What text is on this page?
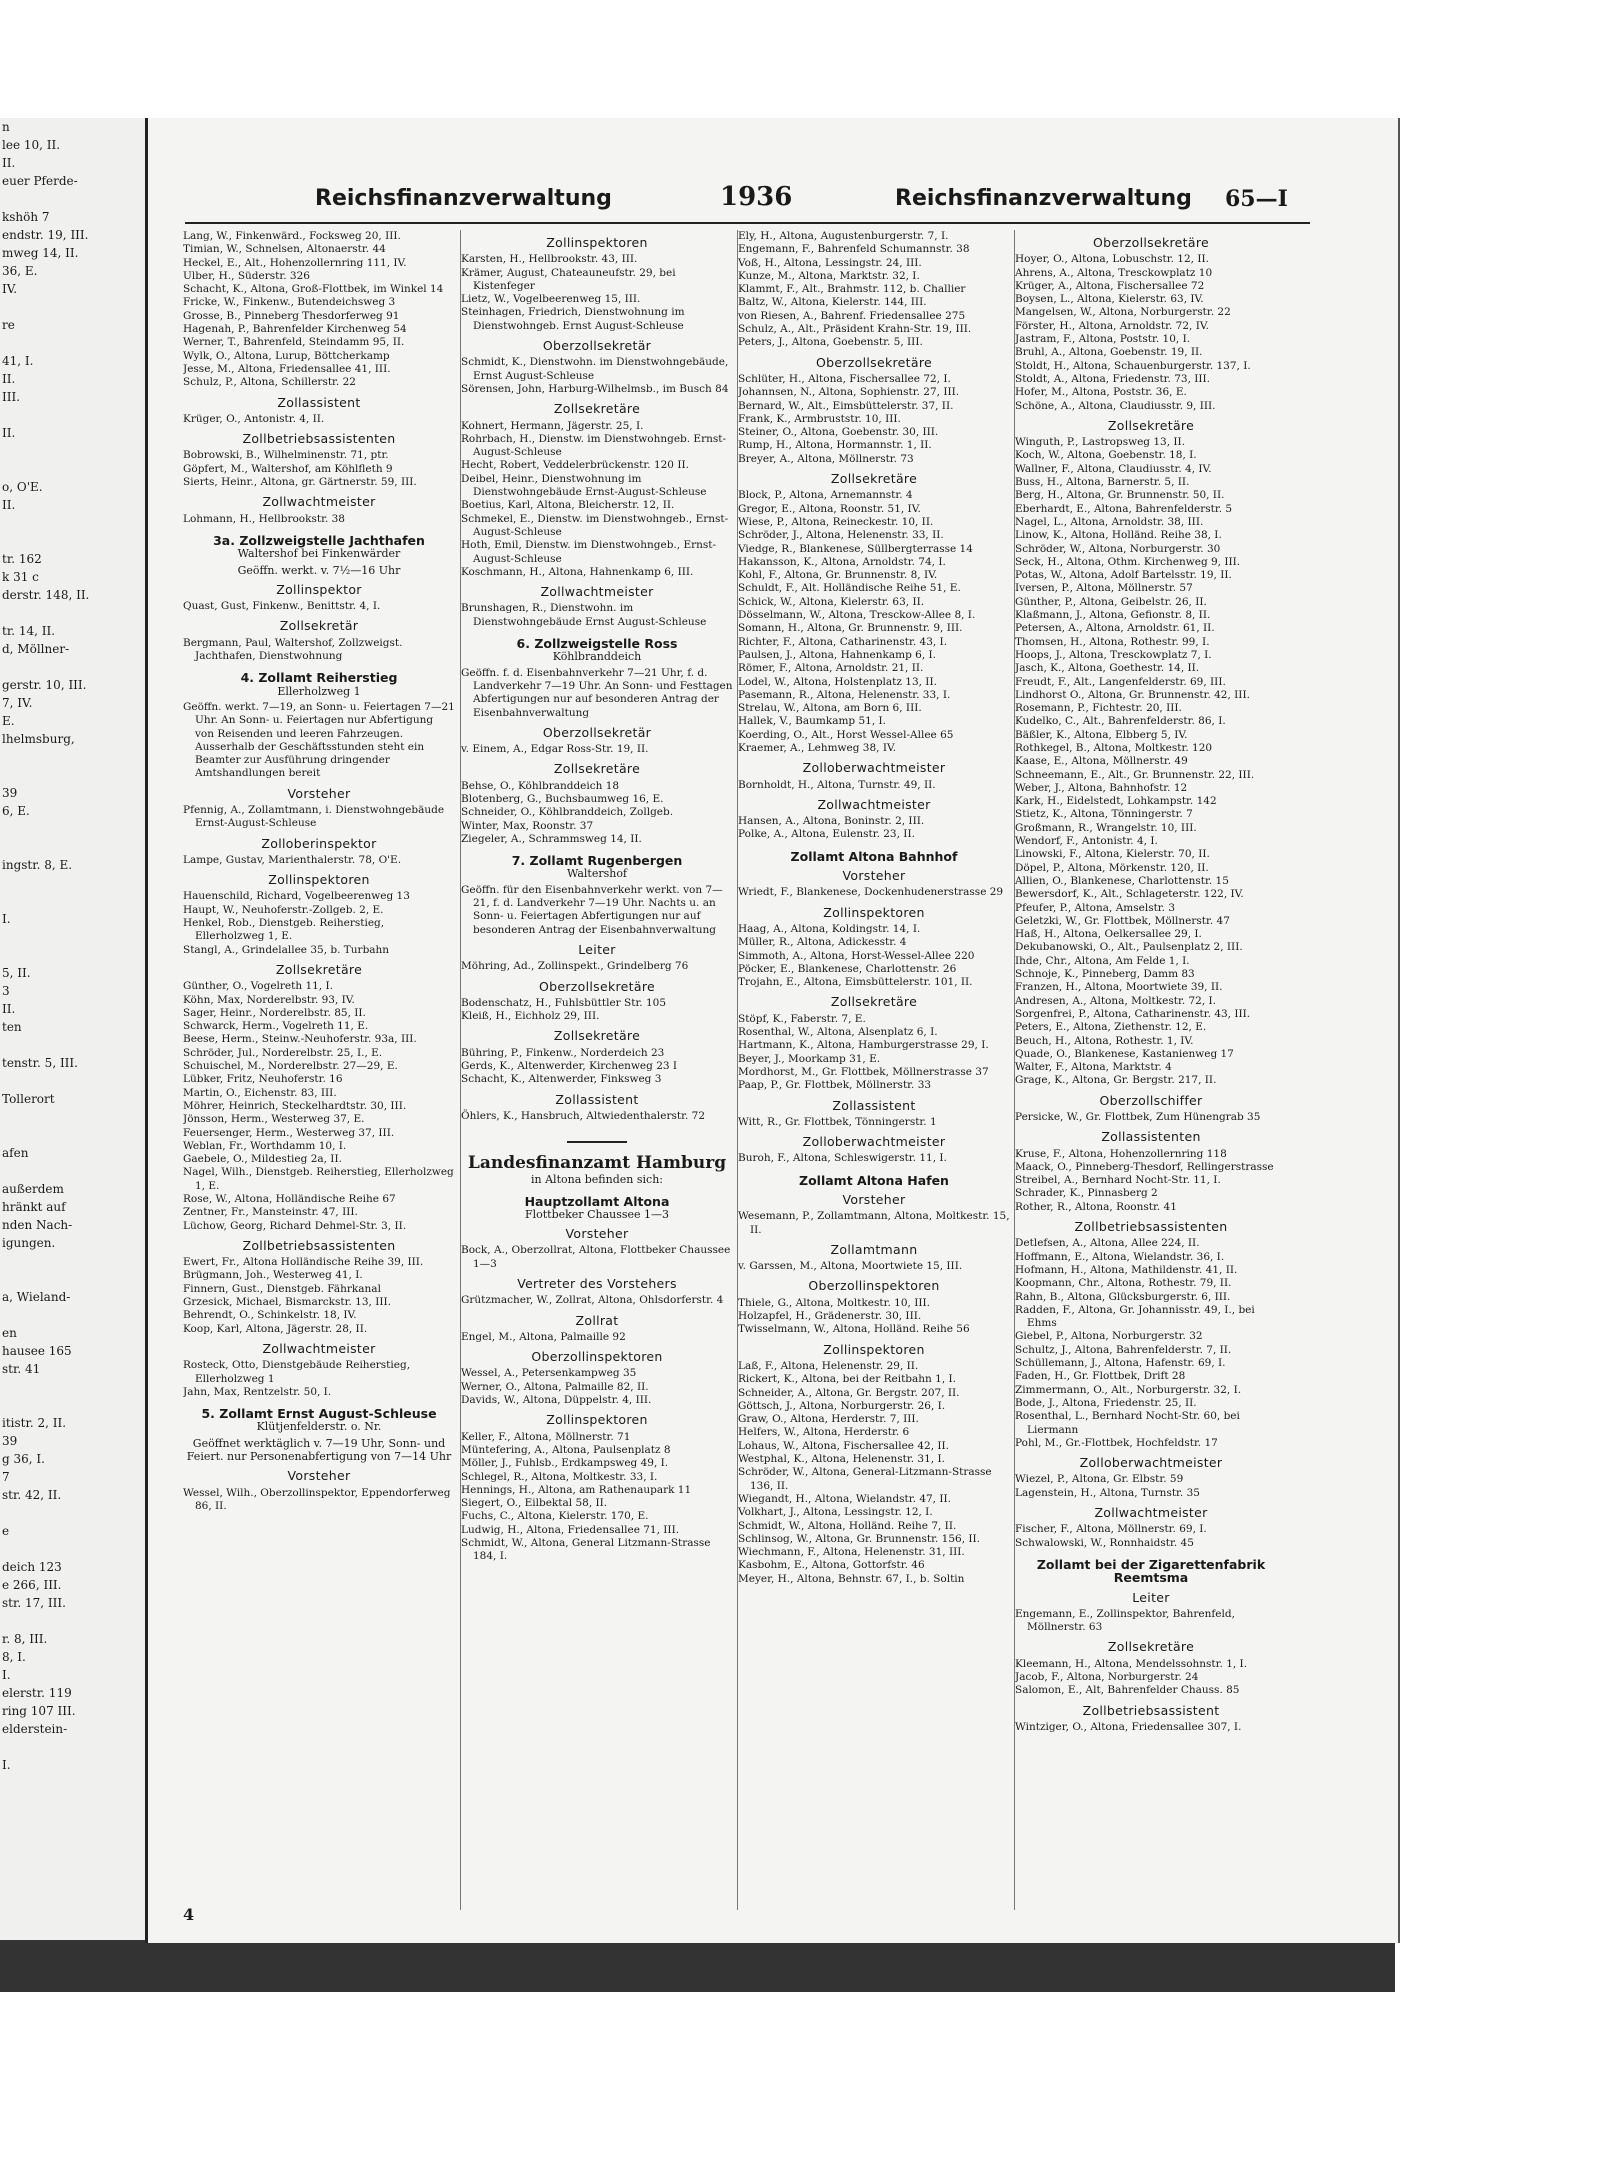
n
lee 10, II.
II.
euer Pferde-

kshöh 7
endstr. 19, III.
mweg 14, II.
36, E.
IV.

re

41, I.
II.
III.

II.

o, O'E.
II.

tr. 162
k 31 c
derstr. 148, II.

tr. 14, II.
d, Möllner-

gerstr. 10, III.
7, IV.
E.
lhelmsburg,

39
6, E.

ingstr. 8, E.

I.

5, II.
3
II.
ten

tenstr. 5, III.

Tollerort

afen

außerdem
hränkt auf
nden Nach-
igungen.

a, Wieland-

en
hausee 165
str. 41

itistr. 2, II.
39
g 36, I.
7
str. 42, II.

e

deich 123
e 266, III.
str. 17, III.

r. 8, III.
8, I.
I.
elerstr. 119
ring 107 III.
elderstein-

I.
Reichsfinanzverwaltung	1936	Reichsfinanzverwaltung 65—I
Lang, W., Finkenwärd., Focksweg 20, III.
Timian, W., Schnelsen, Altonaerstr. 44
Heckel, E., Alt., Hohenzollernring 111, IV.
Ulber, H., Süderstr. 326
Schacht, K., Altona, Groß-Flottbek, im Winkel 14
Fricke, W., Finkenw., Butendeichsweg 3
Grosse, B., Pinneberg Thesdorferweg 91
Hagenah, P., Bahrenfelder Kirchenweg 54
Werner, T., Bahrenfeld, Steindamm 95, II.
Wylk, O., Altona, Lurup, Böttcherkamp
Jesse, M., Altona, Friedensallee 41, III.
Schulz, P., Altona, Schillerstr. 22
Zollassistent
Krüger, O., Antonistr. 4, II.
Zollbetriebsassistenten
Bobrowski, B., Wilhelminenstr. 71, ptr.
Göpfert, M., Waltershof, am Köhlfleth 9
Sierts, Heinr., Altona, gr. Gärtnerstr. 59, III.
Zollwachtmeister
Lohmann, H., Hellbrookstr. 38
3a. Zollzweigstelle Jachthafen
Waltershof bei Finkenwärder
Geöffn. werkt. v. 7½—16 Uhr
Zollinspektor
Quast, Gust, Finkenw., Benittstr. 4, I.
Zollsekretär
Bergmann, Paul, Waltershof, Zollzweigst. Jachthafen, Dienstwohnung
4. Zollamt Reiherstieg
Ellerholzweg 1
Geöffn. werkt. 7—19, an Sonn- u. Feiertagen 7—21 Uhr. An Sonn- u. Feiertagen nur Abfertigung von Reisenden und leeren Fahrzeugen. Ausserhalb der Geschäftsstunden steht ein Beamter zur Ausführung dringender Amtshandlungen bereit
Vorsteher
Pfennig, A., Zollamtmann, i. Dienstwohngebäude Ernst-August-Schleuse
Zolloberinspektor
Lampe, Gustav, Marienthalerstr. 78, O'E.
Zollinspektoren
Hauenschild, Richard, Vogelbeerenweg 13
Haupt, W., Neuhoferstr.-Zollgeb. 2, E.
Henkel, Rob., Dienstgeb. Reiherstieg, Ellerholzweg 1, E.
Stangl, A., Grindelallee 35, b. Turbahn
Zollsekretäre
Günther, O., Vogelreth 11, I.
Köhn, Max, Norderelbstr. 93, IV.
Sager, Heinr., Norderelbstr. 85, II.
Schwarck, Herm., Vogelreth 11, E.
Beese, Herm., Steinw.-Neuhoferstr. 93a, III.
Schröder, Jul., Norderelbstr. 25, I., E.
Schuischel, M., Norderelbstr. 27—29, E.
Lübker, Fritz, Neuhoferstr. 16
Martin, O., Eichenstr. 83, III.
Möhrer, Heinrich, Steckelhardtstr. 30, III.
Jönsson, Herm., Westerweg 37, E.
Feuersenger, Herm., Westerweg 37, III.
Weblan, Fr., Worthdamm 10, I.
Gaebele, O., Mildestieg 2a, II.
Nagel, Wilh., Dienstgeb. Reiherstieg, Ellerholzweg 1, E.
Rose, W., Altona, Holländische Reihe 67
Zentner, Fr., Mansteinstr. 47, III.
Lüchow, Georg, Richard Dehmel-Str. 3, II.
Zollbetriebsassistenten
Ewert, Fr., Altona Holländische Reihe 39, III.
Brügmann, Joh., Westerweg 41, I.
Finnern, Gust., Dienstgeb. Fährkanal
Grzesick, Michael, Bismarckstr. 13, III.
Behrendt, O., Schinkelstr. 18, IV.
Koop, Karl, Altona, Jägerstr. 28, II.
Zollwachtmeister
Rosteck, Otto, Dienstgebäude Reiherstieg, Ellerholzweg 1
Jahn, Max, Rentzelstr. 50, I.
5. Zollamt Ernst August-Schleuse
Klütjenfelderstr. o. Nr.
Geöffnet werktäglich v. 7—19 Uhr, Sonn- und Feiert. nur Personenabfertigung von 7—14 Uhr
Vorsteher
Wessel, Wilh., Oberzollinspektor, Eppendorferweg 86, II.
Zollinspektoren
Karsten, H., Hellbrookstr. 43, III.
Krämer, August, Chateauneufstr. 29, bei Kistenfeger
Lietz, W., Vogelbeerenweg 15, III.
Steinhagen, Friedrich, Dienstwohnung im Dienstwohngeb. Ernst August-Schleuse
Oberzollsekretär
Schmidt, K., Dienstwohn. im Dienstwohngebäude, Ernst August-Schleuse
Sörensen, John, Harburg-Wilhelmsb., im Busch 84
Zollsekretäre
Kohnert, Hermann, Jägerstr. 25, I.
Rohrbach, H., Dienstw. im Dienstwohngeb. Ernst-August-Schleuse
Hecht, Robert, Veddelerbrückenstr. 120 II.
Deibel, Heinr., Dienstwohnung im Dienstwohngebäude Ernst-August-Schleuse
Boetius, Karl, Altona, Bleicherstr. 12, II.
Schmekel, E., Dienstw. im Dienstwohngeb., Ernst-August-Schleuse
Hoth, Emil, Dienstw. im Dienstwohngeb., Ernst-August-Schleuse
Koschmann, H., Altona, Hahnenkamp 6, III.
Zollwachtmeister
Brunshagen, R., Dienstwohn. im Dienstwohngebäude Ernst August-Schleuse
6. Zollzweigstelle Ross
Köhlbranddeich
Geöffn. f. d. Eisenbahnverkehr 7—21 Uhr, f. d. Landverkehr 7—19 Uhr. An Sonn- und Festtagen Abfertigungen nur auf besonderen Antrag der Eisenbahnverwaltung
Oberzollsekretär
v. Einem, A., Edgar Ross-Str. 19, II.
Zollsekretäre
Behse, O., Köhlbranddeich 18
Blotenberg, G., Buchsbaumweg 16, E.
Schneider, O., Köhlbranddeich, Zollgeb.
Winter, Max, Roonstr. 37
Ziegeler, A., Schrammsweg 14, II.
7. Zollamt Rugenbergen
Waltershof
Geöffn. für den Eisenbahnverkehr werkt. von 7—21, f. d. Landverkehr 7—19 Uhr. Nachts u. an Sonn- u. Feiertagen Abfertigungen nur auf besonderen Antrag der Eisenbahnverwaltung
Leiter
Möhring, Ad., Zollinspekt., Grindelberg 76
Oberzollsekretäre
Bodenschatz, H., Fuhlsbüttler Str. 105
Kleiß, H., Eichholz 29, III.
Zollsekretäre
Bühring, P., Finkenw., Norderdeich 23
Gerds, K., Altenwerder, Kirchenweg 23 I
Schacht, K., Altenwerder, Finksweg 3
Zollassistent
Öhlers, K., Hansbruch, Altwiedenthalerstr. 72
Landesfinanzamt Hamburg
in Altona befinden sich:
Hauptzollamt Altona
Flottbeker Chaussee 1—3
Vorsteher
Bock, A., Oberzollrat, Altona, Flottbeker Chaussee 1—3
Vertreter des Vorstehers
Grützmacher, W., Zollrat, Altona, Ohlsdorferstr. 4
Zollrat
Engel, M., Altona, Palmaille 92
Oberzollinspektoren
Wessel, A., Petersenkampweg 35
Werner, O., Altona, Palmaille 82, II.
Davids, W., Altona, Düppelstr. 4, III.
Zollinspektoren
Keller, F., Altona, Möllnerstr. 71
Müntefering, A., Altona, Paulsenplatz 8
Möller, J., Fuhlsb., Erdkampsweg 49, I.
Schlegel, R., Altona, Moltkestr. 33, I.
Hennings, H., Altona, am Rathenaupark 11
Siegert, O., Eilbektal 58, II.
Fuchs, C., Altona, Kielerstr. 170, E.
Ludwig, H., Altona, Friedensallee 71, III.
Schmidt, W., Altona, General Litzmann-Strasse 184, I.
Ely, H., Altona, Augustenburgerstr. 7, I.
Engemann, F., Bahrenfeld Schumannstr. 38
Voß, H., Altona, Lessingstr. 24, III.
Kunze, M., Altona, Marktstr. 32, I.
Klammt, F., Alt., Brahmstr. 112, b. Challier
Baltz, W., Altona, Kielerstr. 144, III.
von Riesen, A., Bahrenf. Friedensallee 275
Schulz, A., Alt., Präsident Krahn-Str. 19, III.
Peters, J., Altona, Goebenstr. 5, III.
Oberzollsekretäre
Schlüter, H., Altona, Fischersallee 72, I.
Johannsen, N., Altona, Sophienstr. 27, III.
Bernard, W., Alt., Eimsbüttelerstr. 37, II.
Frank, K., Armbruststr. 10, III.
Steiner, O., Altona, Goebenstr. 30, III.
Rump, H., Altona, Hormannstr. 1, II.
Breyer, A., Altona, Möllnerstr. 73
Zollsekretäre
Block, P., Altona, Arnemannstr. 4
Gregor, E., Altona, Roonstr. 51, IV.
Wiese, P., Altona, Reineckestr. 10, II.
Schröder, J., Altona, Helenenstr. 33, II.
Viedge, R., Blankenese, Süllbergterrasse 14
Hakansson, K., Altona, Arnoldstr. 74, I.
Kohl, F., Altona, Gr. Brunnenstr. 8, IV.
Schuldt, F., Alt. Holländische Reihe 51, E.
Schick, W., Altona, Kielerstr. 63, II.
Dösselmann, W., Altona, Tresckow-Allee 8, I.
Somann, H., Altona, Gr. Brunnenstr. 9, III.
Richter, F., Altona, Catharinenstr. 43, I.
Paulsen, J., Altona, Hahnenkamp 6, I.
Römer, F., Altona, Arnoldstr. 21, II.
Lodel, W., Altona, Holstenplatz 13, II.
Pasemann, R., Altona, Helenenstr. 33, I.
Strelau, W., Altona, am Born 6, III.
Hallek, V., Baumkamp 51, I.
Koerding, O., Alt., Horst Wessel-Allee 65
Kraemer, A., Lehmweg 38, IV.
Zolloberwachtmeister
Bornholdt, H., Altona, Turnstr. 49, II.
Zollwachtmeister
Hansen, A., Altona, Boninstr. 2, III.
Polke, A., Altona, Eulenstr. 23, II.
Zollamt Altona Bahnhof
Vorsteher
Wriedt, F., Blankenese, Dockenhudenerstrasse 29
Zollinspektoren
Haag, A., Altona, Koldingstr. 14, I.
Müller, R., Altona, Adickesstr. 4
Simmoth, A., Altona, Horst-Wessel-Allee 220
Pöcker, E., Blankenese, Charlottenstr. 26
Trojahn, E., Altona, Eimsbüttelerstr. 101, II.
Zollsekretäre
Stöpf, K., Faberstr. 7, E.
Rosenthal, W., Altona, Alsenplatz 6, I.
Hartmann, K., Altona, Hamburgerstrasse 29, I.
Beyer, J., Moorkamp 31, E.
Mordhorst, M., Gr. Flottbek, Möllnerstrasse 37
Paap, P., Gr. Flottbek, Möllnerstr. 33
Zollassistent
Witt, R., Gr. Flottbek, Tönningerstr. 1
Zolloberwachtmeister
Buroh, F., Altona, Schleswigerstr. 11, I.
Zollamt Altona Hafen
Vorsteher
Wesemann, P., Zollamtmann, Altona, Moltkestr. 15, II.
Zollamtmann
v. Garssen, M., Altona, Moortwiete 15, III.
Oberzollinspektoren
Thiele, G., Altona, Moltkestr. 10, III.
Holzapfel, H., Grädenerstr. 30, III.
Twisselmann, W., Altona, Holländ. Reihe 56
Zollinspektoren
Laß, F., Altona, Helenenstr. 29, II.
Rickert, K., Altona, bei der Reitbahn 1, I.
Schneider, A., Altona, Gr. Bergstr. 207, II.
Göttsch, J., Altona, Norburgerstr. 26, I.
Graw, O., Altona, Herderstr. 7, III.
Helfers, W., Altona, Herderstr. 6
Lohaus, W., Altona, Fischersallee 42, II.
Westphal, K., Altona, Helenenstr. 31, I.
Schröder, W., Altona, General-Litzmann-Strasse 136, II.
Wiegandt, H., Altona, Wielandstr. 47, II.
Volkhart, J., Altona, Lessingstr. 12, I.
Schmidt, W., Altona, Holländ. Reihe 7, II.
Schlinsog, W., Altona, Gr. Brunnenstr. 156, II.
Wiechmann, F., Altona, Helenenstr. 31, III.
Kasbohm, E., Altona, Gottorfstr. 46
Meyer, H., Altona, Behnstr. 67, I., b. Soltin
Oberzollsekretäre
Hoyer, O., Altona, Lobuschstr. 12, II.
Ahrens, A., Altona, Tresckowplatz 10
Krüger, A., Altona, Fischersallee 72
Boysen, L., Altona, Kielerstr. 63, IV.
Mangelsen, W., Altona, Norburgerstr. 22
Förster, H., Altona, Arnoldstr. 72, IV.
Jastram, F., Altona, Poststr. 10, I.
Bruhl, A., Altona, Goebenstr. 19, II.
Stoldt, H., Altona, Schauenburgerstr. 137, I.
Stoldt, A., Altona, Friedenstr. 73, III.
Hofer, M., Altona, Poststr. 36, E.
Schöne, A., Altona, Claudiusstr. 9, III.
Zollsekretäre
Winguth, P., Lastropsweg 13, II.
Koch, W., Altona, Goebenstr. 18, I.
Wallner, F., Altona, Claudiusstr. 4, IV.
Buss, H., Altona, Barnerstr. 5, II.
Berg, H., Altona, Gr. Brunnenstr. 50, II.
Eberhardt, E., Altona, Bahrenfelderstr. 5
Nagel, L., Altona, Arnoldstr. 38, III.
Linow, K., Altona, Holländ. Reihe 38, I.
Schröder, W., Altona, Norburgerstr. 30
Seck, H., Altona, Othm. Kirchenweg 9, III.
Potas, W., Altona, Adolf Bartelsstr. 19, II.
Iversen, P., Altona, Möllnerstr. 57
Günther, P., Altona, Geibelstr. 26, II.
Klaßmann, J., Altona, Gefionstr. 8, II.
Petersen, A., Altona, Arnoldstr. 61, II.
Thomsen, H., Altona, Rothestr. 99, I.
Hoops, J., Altona, Tresckowplatz 7, I.
Jasch, K., Altona, Goethestr. 14, II.
Freudt, F., Alt., Langenfelderstr. 69, III.
Lindhorst O., Altona, Gr. Brunnenstr. 42, III.
Rosemann, P., Fichtestr. 20, III.
Kudelko, C., Alt., Bahrenfelderstr. 86, I.
Bäßler, K., Altona, Elbberg 5, IV.
Rothkegel, B., Altona, Moltkestr. 120
Kaase, E., Altona, Möllnerstr. 49
Schneemann, E., Alt., Gr. Brunnenstr. 22, III.
Weber, J., Altona, Bahnhofstr. 12
Kark, H., Eidelstedt, Lohkampstr. 142
Stietz, K., Altona, Tönningerstr. 7
Großmann, R., Wrangelstr. 10, III.
Wendorf, F., Antonistr. 4, I.
Linowski, F., Altona, Kielerstr. 70, II.
Döpel, P., Altona, Mörkenstr. 120, II.
Allien, O., Blankenese, Charlottenstr. 15
Bewersdorf, K., Alt., Schlageterstr. 122, IV.
Pfeufer, P., Altona, Amselstr. 3
Geletzki, W., Gr. Flottbek, Möllnerstr. 47
Haß, H., Altona, Oelkersallee 29, I.
Dekubanowski, O., Alt., Paulsenplatz 2, III.
Ihde, Chr., Altona, Am Felde 1, I.
Schnoje, K., Pinneberg, Damm 83
Franzen, H., Altona, Moortwiete 39, II.
Andresen, A., Altona, Moltkestr. 72, I.
Sorgenfrei, P., Altona, Catharinenstr. 43, III.
Peters, E., Altona, Ziethenstr. 12, E.
Beuch, H., Altona, Rothestr. 1, IV.
Quade, O., Blankenese, Kastanienweg 17
Walter, F., Altona, Marktstr. 4
Grage, K., Altona, Gr. Bergstr. 217, II.
Oberzollschiffer
Persicke, W., Gr. Flottbek, Zum Hünengrab 35
Zollassistenten
Kruse, F., Altona, Hohenzollernring 118
Maack, O., Pinneberg-Thesdorf, Rellingerstrasse
Streibel, A., Bernhard Nocht-Str. 11, I.
Schrader, K., Pinnasberg 2
Rother, R., Altona, Roonstr. 41
Zollbetriebsassistenten
Detlefsen, A., Altona, Allee 224, II.
Hoffmann, E., Altona, Wielandstr. 36, I.
Hofmann, H., Altona, Mathildenstr. 41, II.
Koopmann, Chr., Altona, Rothestr. 79, II.
Rahn, B., Altona, Glücksburgerstr. 6, III.
Radden, F., Altona, Gr. Johannisstr. 49, I., bei Ehms
Giebel, P., Altona, Norburgerstr. 32
Schultz, J., Altona, Bahrenfelderstr. 7, II.
Schüllemann, J., Altona, Hafenstr. 69, I.
Faden, H., Gr. Flottbek, Drift 28
Zimmermann, O., Alt., Norburgerstr. 32, I.
Bode, J., Altona, Friedenstr. 25, II.
Rosenthal, L., Bernhard Nocht-Str. 60, bei Liermann
Pohl, M., Gr.-Flottbek, Hochfeldstr. 17
Zolloberwachtmeister
Wiezel, P., Altona, Gr. Elbstr. 59
Lagenstein, H., Altona, Turnstr. 35
Zollwachtmeister
Fischer, F., Altona, Möllnerstr. 69, I.
Schwalowski, W., Ronnhaidstr. 45
Zollamt bei der Zigarettenfabrik Reemtsma
Leiter
Engemann, E., Zollinspektor, Bahrenfeld, Möllnerstr. 63
Zollsekretäre
Kleemann, H., Altona, Mendelssohnstr. 1, I.
Jacob, F., Altona, Norburgerstr. 24
Salomon, E., Alt, Bahrenfelder Chauss. 85
Zollbetriebsassistent
Wintziger, O., Altona, Friedensallee 307, I.
4
